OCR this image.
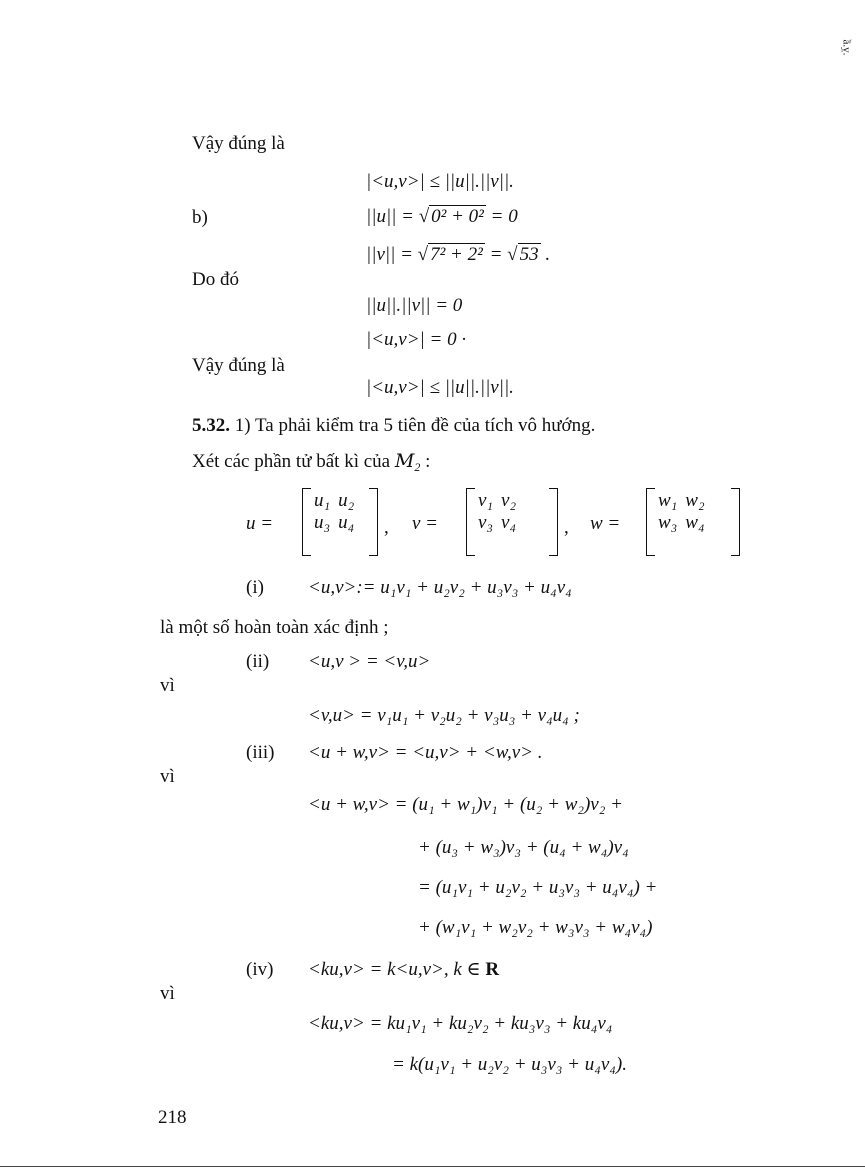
ầ.ỵ.
Vậy đúng là
|<u,v>| ≤ ||u||.||v||.
b)	||u|| = √ 0² + 0² = 0
||v|| = √ 7² + 2² = √ 53 .
Do đó
||u||.||v|| = 0
|<u,v>| = 0 ·
Vậy đúng là
|<u,v>| ≤ ||u||.||v||.
5.32. 1) Ta phải kiểm tra 5 tiên đề của tích vô hướng.
Xét các phần tử bất kì của $M_2$ :
u =
u₁	u₂
u₃	u₄ , v =
v₁	v₂
v₃	v₄	, w =
w₁	w₂
w₃	w₄
(i) <u,v>:= u₁v₁ + u₂v₂ + u₃v₃ + u₄v₄
là một số hoàn toàn xác định ;
(ii) <u,v > = <v,u>
vì
<v,u> = v₁u₁ + v₂u₂ + v₃u₃ + v₄u₄ ;
(iii) <u + w,v> = <u,v> + <w,v> .
vì
<u + w,v> = (u₁ + w₁)v₁ + (u₂ + w₂)v₂ +
+ (u₃ + w₃)v₃ + (u₄ + w₄)v₄
= (u₁v₁ + u₂v₂ + u₃v₃ + u₄v₄) +
+ (w₁v₁ + w₂v₂ + w₃v₃ + w₄v₄)
(iv) <ku,v> = k<u,v>, k ∈ R
vì
<ku,v> = ku₁v₁ + ku₂v₂ + ku₃v₃ + ku₄v₄
= k(u₁v₁ + u₂v₂ + u₃v₃ + u₄v₄).
218
